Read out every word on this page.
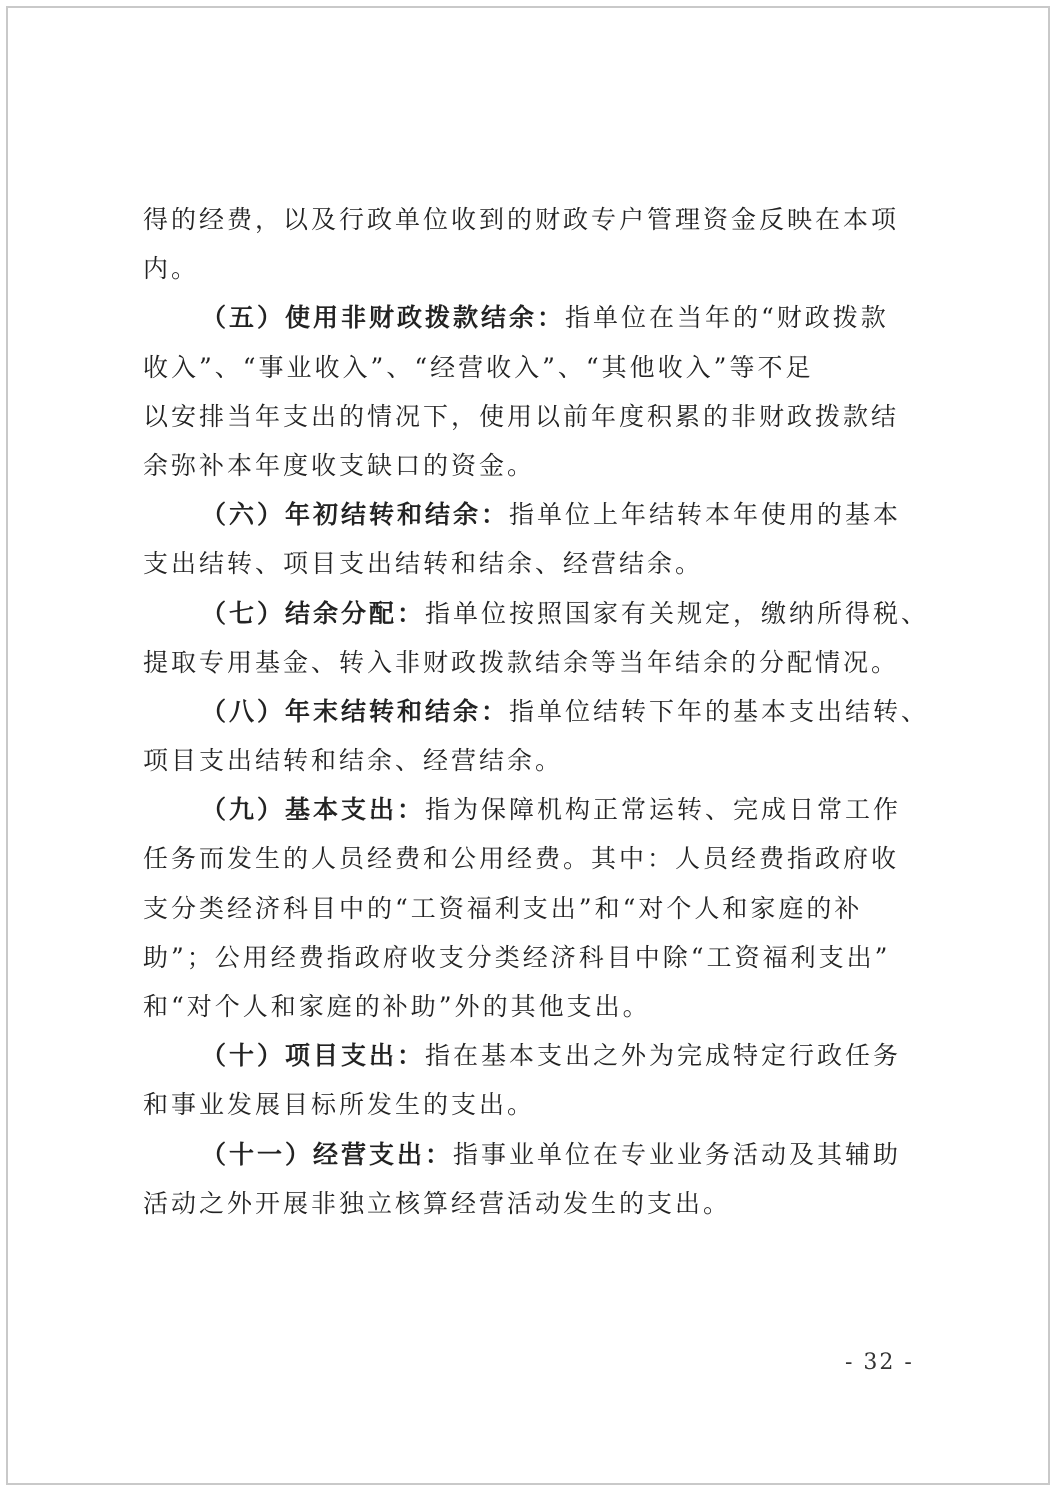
得的经费，以及行政单位收到的财政专户管理资金反映在本项
内。
（五）使用非财政拨款结余：指单位在当年的“财政拨款
收入”、“事业收入”、“经营收入”、“其他收入”等不足
以安排当年支出的情况下，使用以前年度积累的非财政拨款结
余弥补本年度收支缺口的资金。
（六）年初结转和结余：指单位上年结转本年使用的基本
支出结转、项目支出结转和结余、经营结余。
（七）结余分配：指单位按照国家有关规定，缴纳所得税、
提取专用基金、转入非财政拨款结余等当年结余的分配情况。
（八）年末结转和结余：指单位结转下年的基本支出结转、
项目支出结转和结余、经营结余。
（九）基本支出：指为保障机构正常运转、完成日常工作
任务而发生的人员经费和公用经费。其中：人员经费指政府收
支分类经济科目中的“工资福利支出”和“对个人和家庭的补
助”；公用经费指政府收支分类经济科目中除“工资福利支出”
和“对个人和家庭的补助”外的其他支出。
（十）项目支出：指在基本支出之外为完成特定行政任务
和事业发展目标所发生的支出。
（十一）经营支出：指事业单位在专业业务活动及其辅助
活动之外开展非独立核算经营活动发生的支出。
- 32 -
